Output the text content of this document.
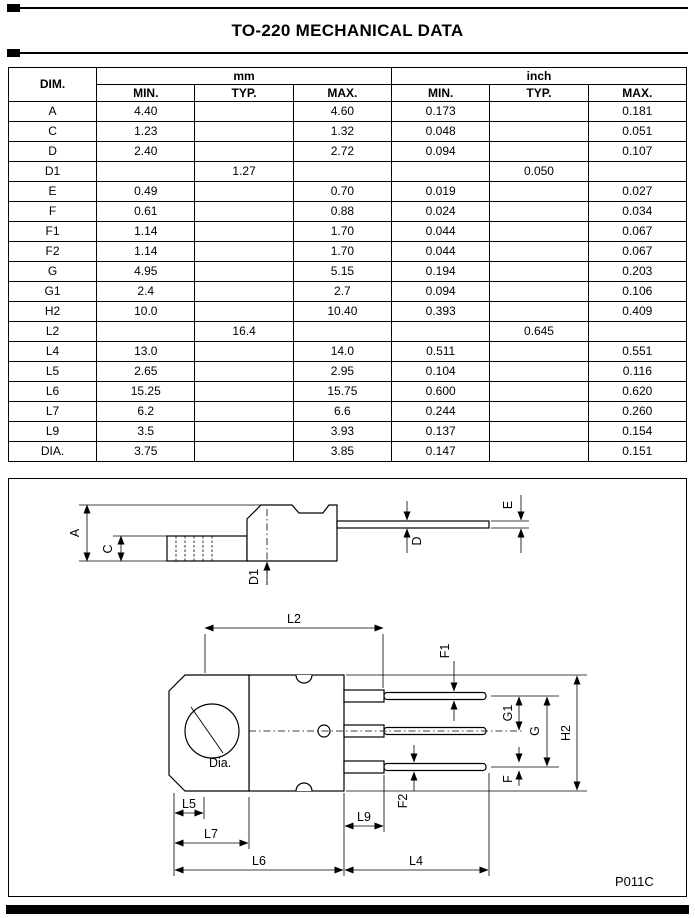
TO-220 MECHANICAL DATA
DIM.	mm			inch		
	MIN.	TYP.	MAX.	MIN.	TYP.	MAX.
A	4.40		4.60	0.173		0.181
C	1.23		1.32	0.048		0.051
D	2.40		2.72	0.094		0.107
D1		1.27			0.050	
E	0.49		0.70	0.019		0.027
F	0.61		0.88	0.024		0.034
F1	1.14		1.70	0.044		0.067
F2	1.14		1.70	0.044		0.067
G	4.95		5.15	0.194		0.203
G1	2.4		2.7	0.094		0.106
H2	10.0		10.40	0.393		0.409
L2		16.4			0.645	
L4	13.0		14.0	0.511		0.551
L5	2.65		2.95	0.104		0.116
L6	15.25		15.75	0.600		0.620
L7	6.2		6.6	0.244		0.260
L9	3.5		3.93	0.137		0.154
DIA.	3.75		3.85	0.147		0.151
A
C
D1
D
E
L2
F1
G1
G H2
F
F2
L9
L5
L7
L6	L4
Dia.
P011C
